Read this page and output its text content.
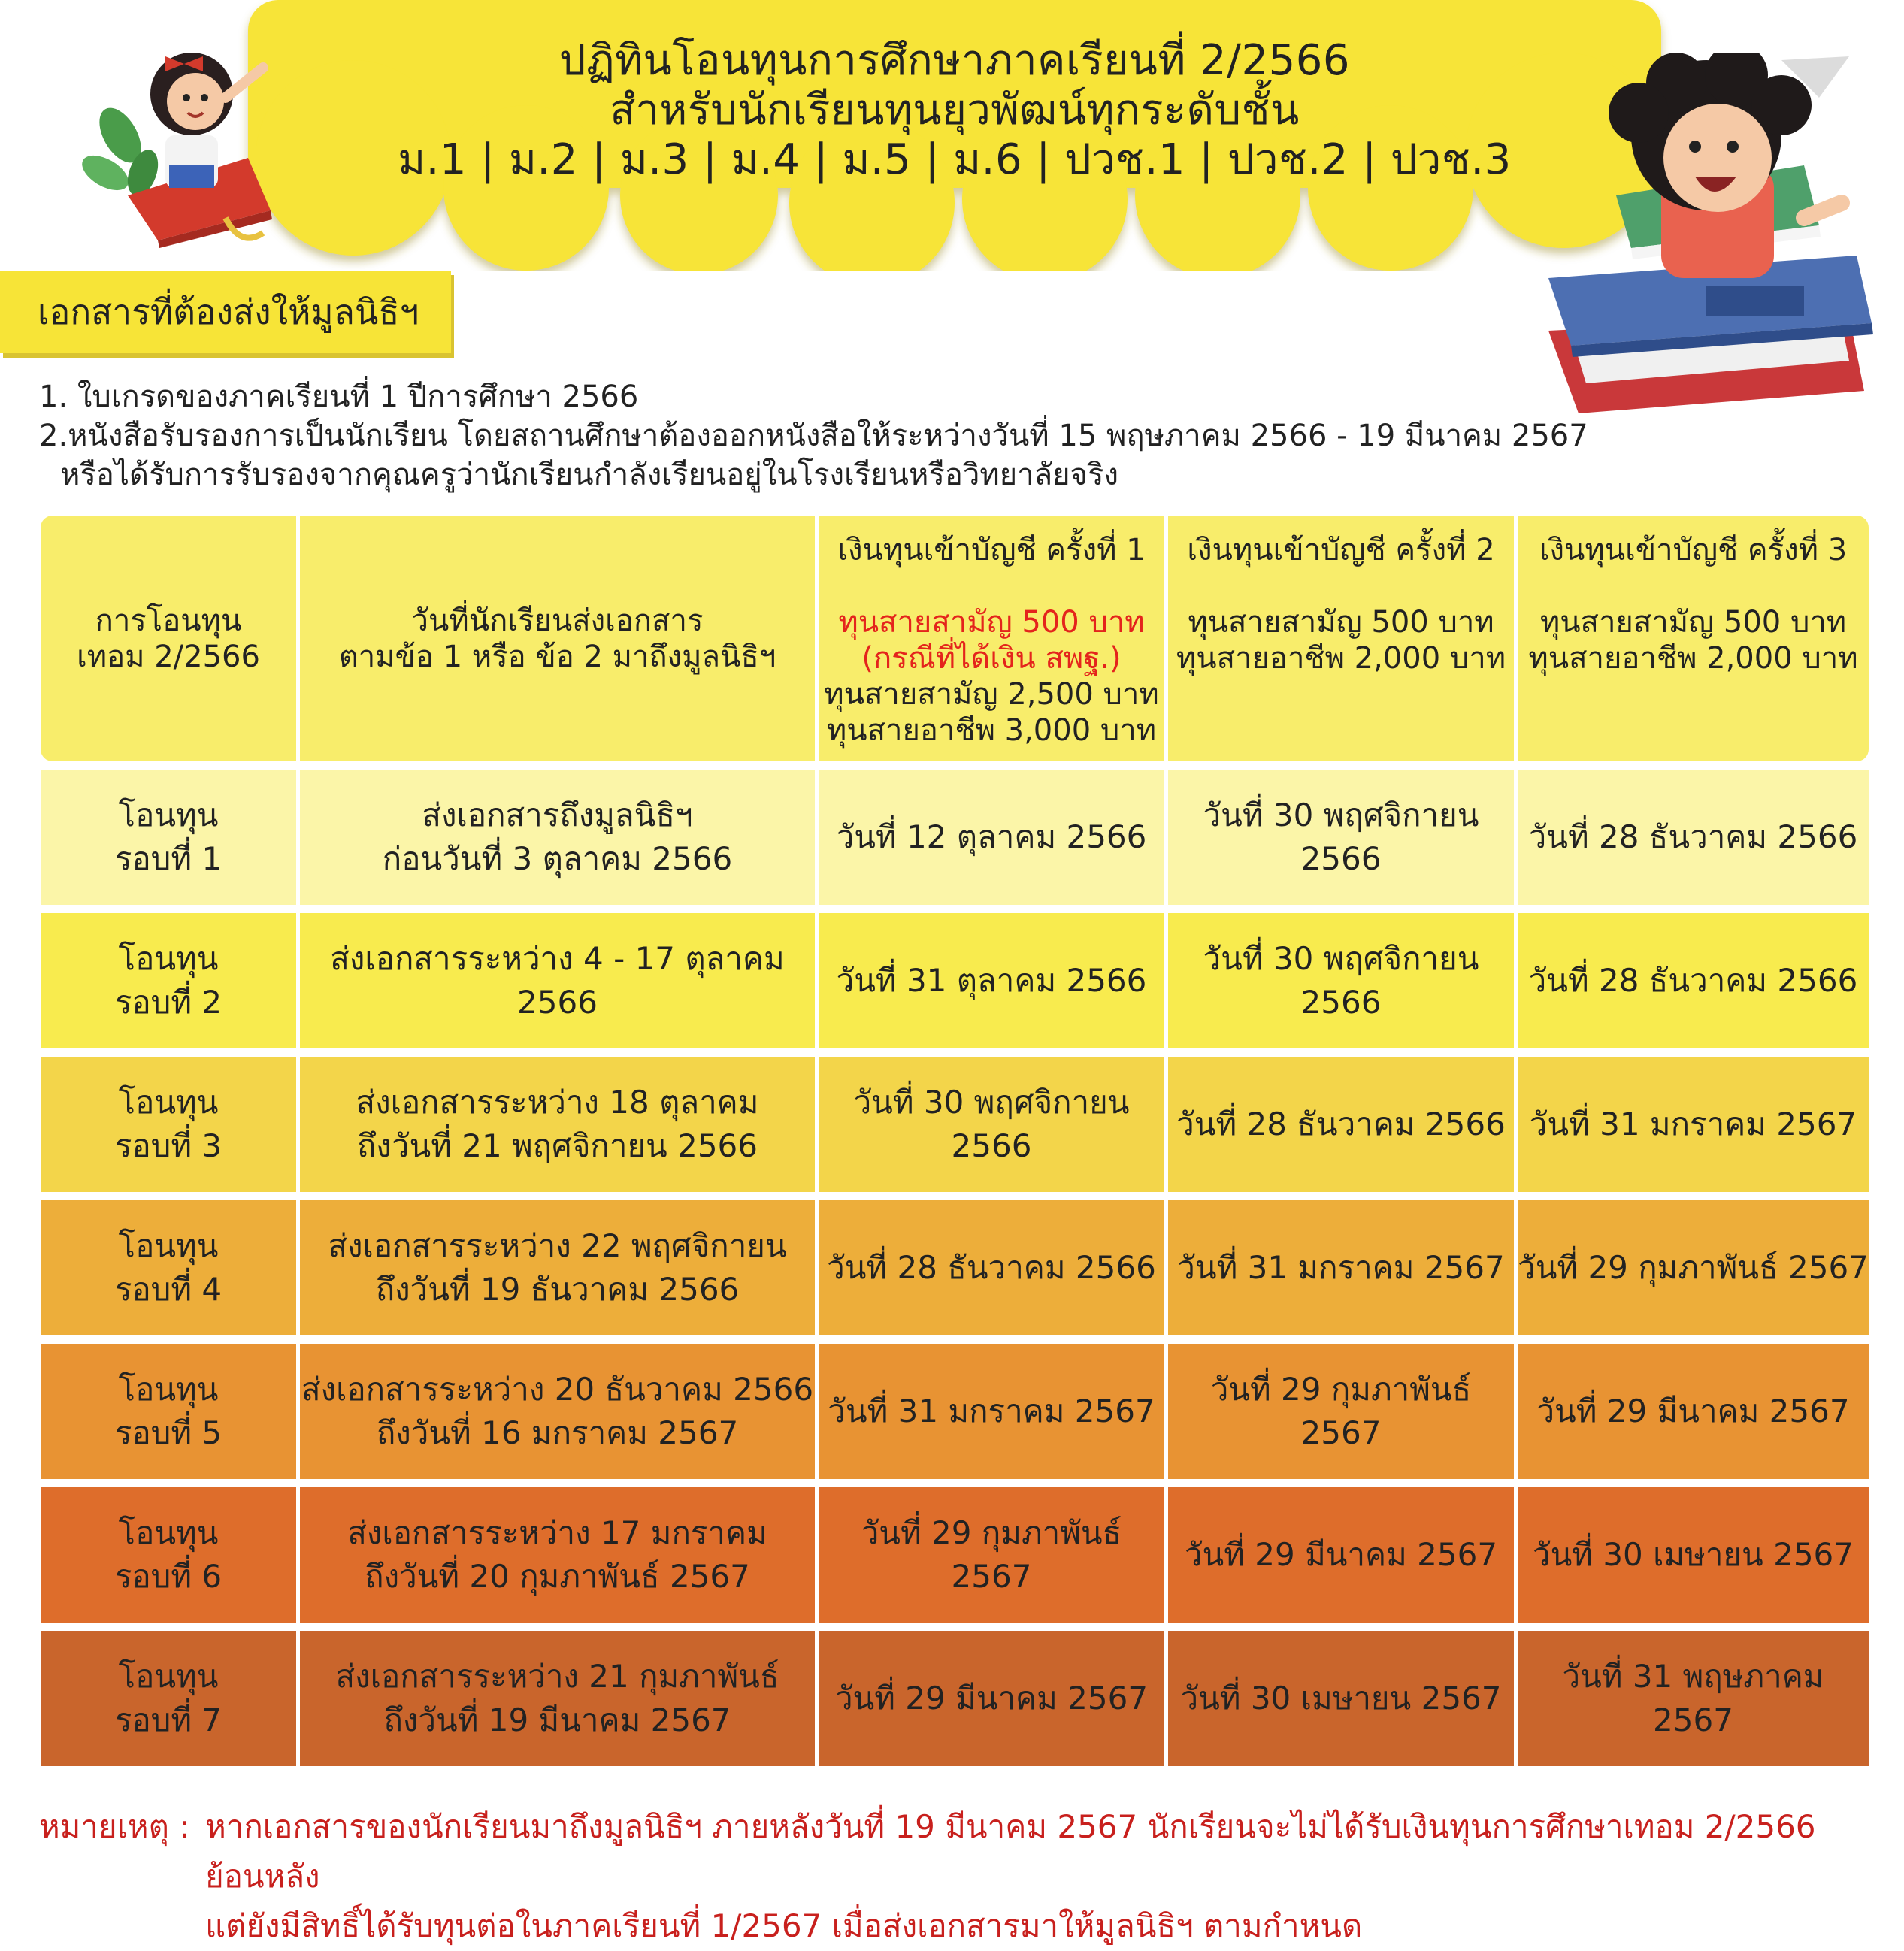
ปฏิทินโอนทุนการศึกษาภาคเรียนที่ 2/2566
สำหรับนักเรียนทุนยุวพัฒน์ทุกระดับชั้น
ม.1 | ม.2 | ม.3 | ม.4 | ม.5 | ม.6 | ปวช.1 | ปวช.2 | ปวช.3
เอกสารที่ต้องส่งให้มูลนิธิฯ
1. ใบเกรดของภาคเรียนที่ 1 ปีการศึกษา 2566
2.หนังสือรับรองการเป็นนักเรียน โดยสถานศึกษาต้องออกหนังสือให้ระหว่างวันที่ 15 พฤษภาคม 2566 - 19 มีนาคม 2567
หรือได้รับการรับรองจากคุณครูว่านักเรียนกำลังเรียนอยู่ในโรงเรียนหรือวิทยาลัยจริง
การโอนทุน
เทอม 2/2566
วันที่นักเรียนส่งเอกสาร
ตามข้อ 1 หรือ ข้อ 2 มาถึงมูลนิธิฯ
เงินทุนเข้าบัญชี ครั้งที่ 1
ทุนสายสามัญ 500 บาท
(กรณีที่ได้เงิน สพฐ.)
ทุนสายสามัญ 2,500 บาท
ทุนสายอาชีพ 3,000 บาท
เงินทุนเข้าบัญชี ครั้งที่ 2
ทุนสายสามัญ 500 บาท
ทุนสายอาชีพ 2,000 บาท
เงินทุนเข้าบัญชี ครั้งที่ 3
ทุนสายสามัญ 500 บาท
ทุนสายอาชีพ 2,000 บาท
โอนทุน
รอบที่ 1
ส่งเอกสารถึงมูลนิธิฯ
ก่อนวันที่ 3 ตุลาคม 2566
วันที่ 12 ตุลาคม 2566
วันที่ 30 พฤศจิกายน 2566
วันที่ 28 ธันวาคม 2566
โอนทุน
รอบที่ 2
ส่งเอกสารระหว่าง 4 - 17 ตุลาคม 2566
วันที่ 31 ตุลาคม 2566
วันที่ 30 พฤศจิกายน 2566
วันที่ 28 ธันวาคม 2566
โอนทุน
รอบที่ 3
ส่งเอกสารระหว่าง 18 ตุลาคม
ถึงวันที่ 21 พฤศจิกายน 2566
วันที่ 30 พฤศจิกายน 2566
วันที่ 28 ธันวาคม 2566 วันที่ 31 มกราคม 2567
โอนทุน
รอบที่ 4
ส่งเอกสารระหว่าง 22 พฤศจิกายน
ถึงวันที่ 19 ธันวาคม 2566
วันที่ 28 ธันวาคม 2566 วันที่ 31 มกราคม 2567 วันที่ 29 กุมภาพันธ์ 2567
โอนทุน
รอบที่ 5
ส่งเอกสารระหว่าง 20 ธันวาคม 2566
ถึงวันที่ 16 มกราคม 2567
วันที่ 31 มกราคม 2567
วันที่ 29 กุมภาพันธ์ 2567
วันที่ 29 มีนาคม 2567
โอนทุน
รอบที่ 6
ส่งเอกสารระหว่าง 17 มกราคม
ถึงวันที่ 20 กุมภาพันธ์ 2567
วันที่ 29 กุมภาพันธ์ 2567
วันที่ 29 มีนาคม 2567	วันที่ 30 เมษายน 2567
โอนทุน
รอบที่ 7
ส่งเอกสารระหว่าง 21 กุมภาพันธ์
ถึงวันที่ 19 มีนาคม 2567
วันที่ 29 มีนาคม 2567	วันที่ 30 เมษายน 2567
วันที่ 31 พฤษภาคม 2567
หมายเหตุ : หากเอกสารของนักเรียนมาถึงมูลนิธิฯ ภายหลังวันที่ 19 มีนาคม 2567 นักเรียนจะไม่ได้รับเงินทุนการศึกษาเทอม 2/2566 ย้อนหลัง
แต่ยังมีสิทธิ์ได้รับทุนต่อในภาคเรียนที่ 1/2567 เมื่อส่งเอกสารมาให้มูลนิธิฯ ตามกำหนด
